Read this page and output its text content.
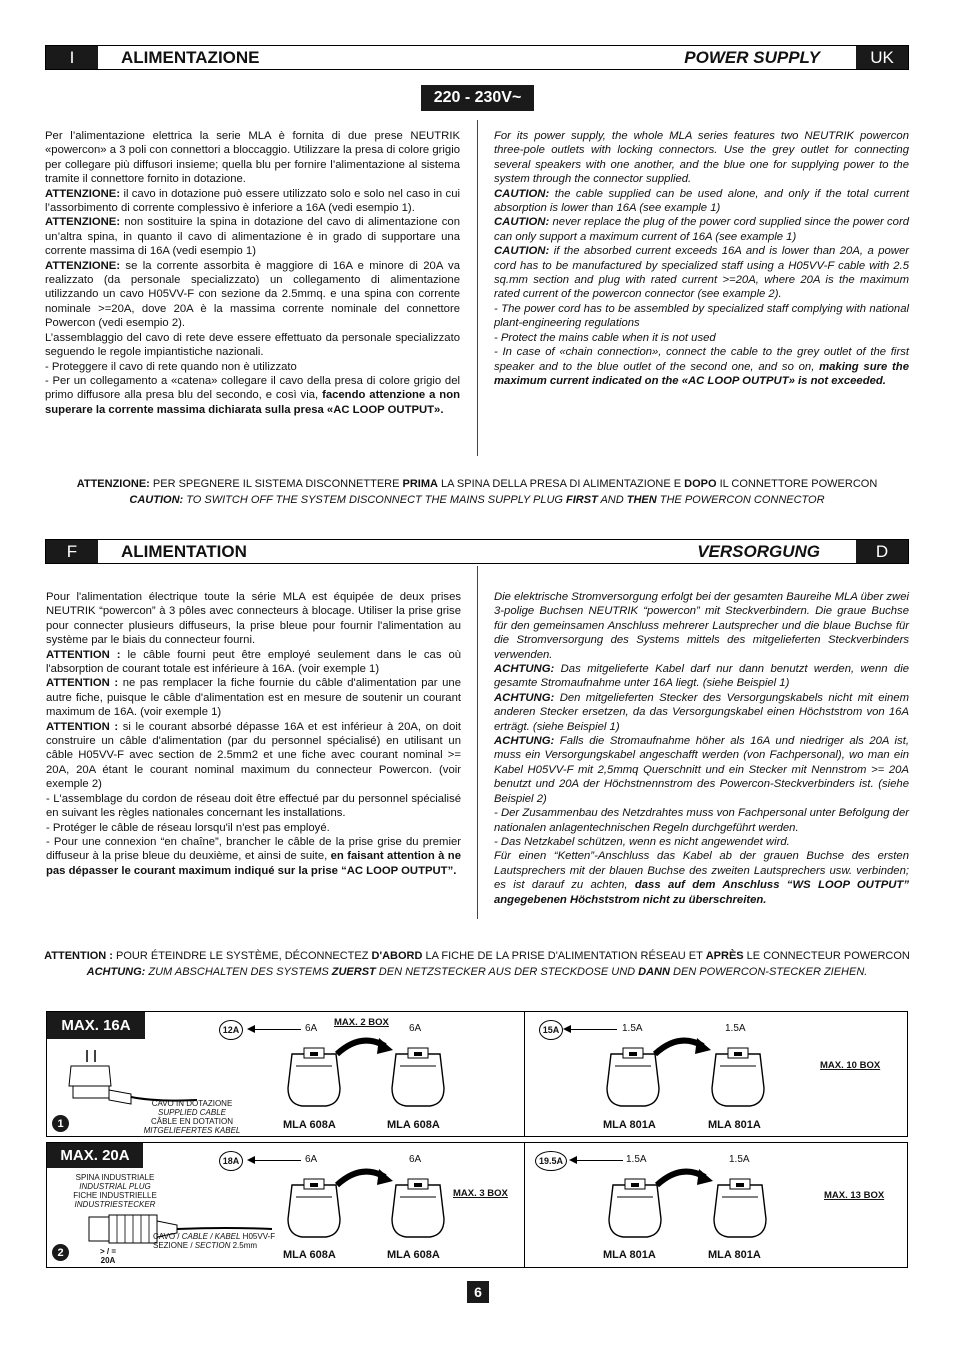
I	ALIMENTAZIONE	POWER SUPPLY	UK
220 - 230V~

Per l’alimentazione elettrica la serie MLA è fornita di due prese NEUTRIK «powercon» a 3 poli con connettori a bloccaggio. Utilizzare la presa di colore grigio per collegare più diffusori insieme; quella blu per fornire l’alimentazione al sistema tramite il connettore fornito in dotazione.

ATTENZIONE: il cavo in dotazione può essere utilizzato solo e solo nel caso in cui l’assorbimento di corrente complessivo è inferiore a 16A (vedi esempio 1).

ATTENZIONE: non sostituire la spina in dotazione del cavo di alimentazione con un’altra spina, in quanto il cavo di alimentazione è in grado di supportare una corrente massima di 16A (vedi esempio 1)

ATTENZIONE: se la corrente assorbita è maggiore di 16A e minore di 20A va realizzato (da personale specializzato) un collegamento di alimentazione utilizzando un cavo H05VV-F con sezione da 2.5mmq. e una spina con corrente nominale >=20A, dove 20A è la massima corrente nominale del connettore Powercon (vedi esempio 2).

L’assemblaggio del cavo di rete deve essere effettuato da personale specializzato seguendo le regole impiantistiche nazionali.

- Proteggere il cavo di rete quando non è utilizzato

- Per un collegamento a «catena» collegare il cavo della presa di colore grigio del primo diffusore alla presa blu del secondo, e così via, facendo attenzione a non superare la corrente massima dichiarata sulla presa «AC LOOP OUTPUT».

For its power supply, the whole MLA series features two NEUTRIK powercon three-pole outlets with locking connectors. Use the grey outlet for connecting several speakers with one another, and the blue one for supplying power to the system through the connector supplied.

CAUTION: the cable supplied can be used alone, and only if the total current absorption is lower than 16A (see example 1)

CAUTION: never replace the plug of the power cord supplied since the power cord can only support a maximum current of 16A (see example 1)

CAUTION: if the absorbed current exceeds 16A and is lower than 20A, a power cord has to be manufactured by specialized staff using a H05VV-F cable with 2.5 sq.mm section and plug with rated current >=20A, where 20A is the maximum rated current of the powercon connector (see example 2).

- The power cord has to be assembled by specialized staff complying with national plant-engineering regulations

- Protect the mains cable when it is not used

- In case of «chain connection», connect the cable to the grey outlet of the first speaker and to the blue outlet of the second one, and so on, making sure the maximum current indicated on the «AC LOOP OUTPUT» is not exceeded.

ATTENZIONE: PER SPEGNERE IL SISTEMA DISCONNETTERE PRIMA LA SPINA DELLA PRESA DI ALIMENTAZIONE E DOPO IL CONNETTORE POWERCON
CAUTION: TO SWITCH OFF THE SYSTEM DISCONNECT THE MAINS SUPPLY PLUG FIRST AND THEN THE POWERCON CONNECTOR
F	ALIMENTATION	VERSORGUNG	D

Pour l'alimentation électrique toute la série MLA est équipée de deux prises NEUTRIK “powercon” à 3 pôles avec connecteurs à blocage. Utiliser la prise grise pour connecter plusieurs diffuseurs, la prise bleue pour fournir l'alimentation au système par le biais du connecteur fourni.

ATTENTION : le câble fourni peut être employé seulement dans le cas où l'absorption de courant totale est inférieure à 16A. (voir exemple 1)

ATTENTION : ne pas remplacer la fiche fournie du câble d'alimentation par une autre fiche, puisque le câble d'alimentation est en mesure de soutenir un courant maximum de 16A. (voir exemple 1)

ATTENTION : si le courant absorbé dépasse 16A et est inférieur à 20A, on doit construire un câble d'alimentation (par du personnel spécialisé) en utilisant un câble H05VV-F avec section de 2.5mm2 et une fiche avec courant nominal >= 20A, 20A étant le courant nominal maximum du connecteur Powercon. (voir exemple 2)

- L'assemblage du cordon de réseau doit être effectué par du personnel spécialisé en suivant les règles nationales concernant les installations.

- Protéger le câble de réseau lorsqu'il n'est pas employé.

- Pour une connexion “en chaîne”, brancher le câble de la prise grise du premier diffuseur à la prise bleue du deuxième, et ainsi de suite, en faisant attention à ne pas dépasser le courant maximum indiqué sur la prise “AC LOOP OUTPUT”.

Die elektrische Stromversorgung erfolgt bei der gesamten Baureihe MLA über zwei 3-polige Buchsen NEUTRIK “powercon” mit Steckverbindern. Die graue Buchse für den gemeinsamen Anschluss mehrerer Lautsprecher und die blaue Buchse für die Stromversorgung des Systems mittels des mitgelieferten Steckverbinders verwenden.

ACHTUNG: Das mitgelieferte Kabel darf nur dann benutzt werden, wenn die gesamte Stromaufnahme unter 16A liegt. (siehe Beispiel 1)

ACHTUNG: Den mitgelieferten Stecker des Versorgungskabels nicht mit einem anderen Stecker ersetzen, da das Versorgungskabel einen Höchststrom von 16A erträgt. (siehe Beispiel 1)

ACHTUNG: Falls die Stromaufnahme höher als 16A und niedriger als 20A ist, muss ein Versorgungskabel angeschafft werden (von Fachpersonal), wo man ein Kabel H05VV-F mit 2,5mmq Querschnitt und ein Stecker mit Nennstrom >= 20A benutzt und 20A der Höchstnennstrom des Powercon-Steckverbinders ist. (siehe Beispiel 2)

- Der Zusammenbau des Netzdrahtes muss von Fachpersonal unter Befolgung der nationalen anlagentechnischen Regeln durchgeführt werden.

- Das Netzkabel schützen, wenn es nicht angewendet wird.

Für einen “Ketten”-Anschluss das Kabel ab der grauen Buchse des ersten Lautsprechers mit der blauen Buchse des zweiten Lautsprechers usw. verbinden; es ist darauf zu achten, dass auf dem Anschluss “WS LOOP OUTPUT” angegebenen Höchststrom nicht zu überschreiten.

ATTENTION : POUR ÉTEINDRE LE SYSTÈME, DÉCONNECTEZ D'ABORD LA FICHE DE LA PRISE D'ALIMENTATION RÉSEAU ET APRÈS LE CONNECTEUR POWERCON
ACHTUNG: ZUM ABSCHALTEN DES SYSTEMS ZUERST DEN NETZSTECKER AUS DER STECKDOSE UND DANN DEN POWERCON-STECKER ZIEHEN.
MAX. 16A
CAVO IN DOTAZIONE
SUPPLIED CABLE
CÂBLE EN DOTATION
MITGELIEFERTES KABEL
1
12A	6A
MAX. 2 BOX
6A
MLA 608A	MLA 608A
15A	1.5A	1.5A
MAX. 10 BOX
MLA 801A	MLA 801A
MAX. 20A
SPINA INDUSTRIALE
INDUSTRIAL PLUG
FICHE INDUSTRIELLE
INDUSTRIESTECKER
CAVO / CABLE / KABEL H05VV-F
SEZIONE / SECTION 2.5mm
> / = 20A
2
18A	6A	6A
MAX. 3 BOX
MLA 608A	MLA 608A
19.5A	1.5A	1.5A
MAX. 13 BOX
MLA 801A	MLA 801A
6
